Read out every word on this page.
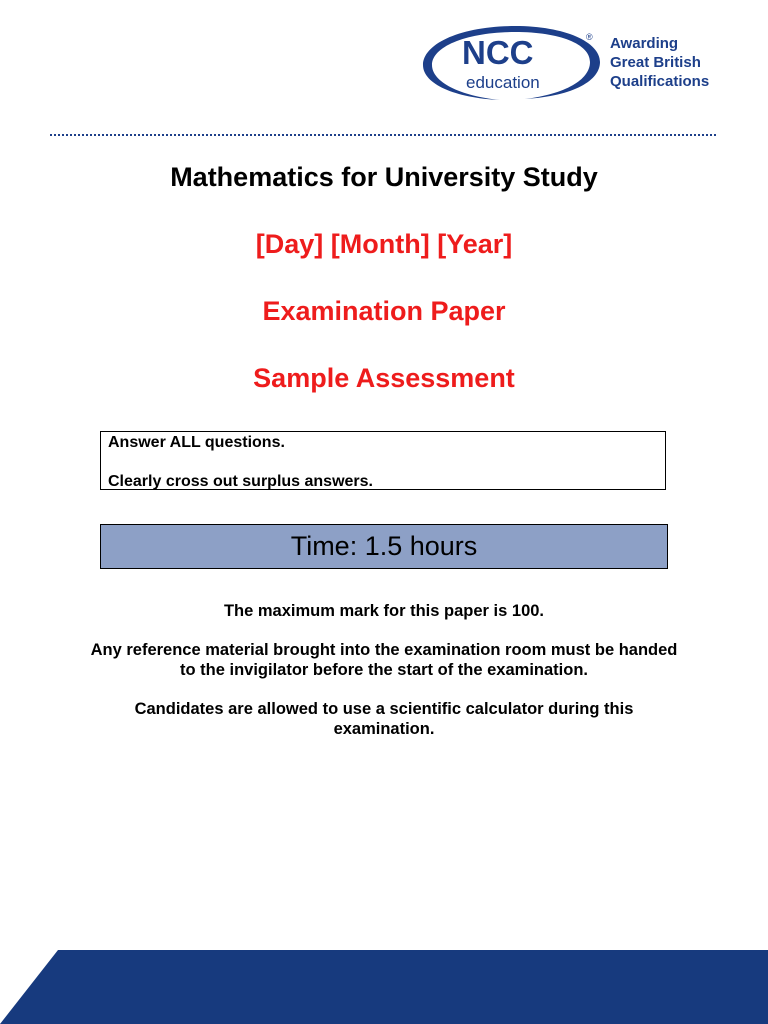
NCC
education
® Awarding
Great British
Qualifications
Mathematics for University Study
[Day] [Month] [Year]
Examination Paper
Sample Assessment
Answer ALL questions.
Clearly cross out surplus answers.
Time: 1.5 hours

The maximum mark for this paper is 100.

Any reference material brought into the examination room must be handed to the invigilator before the start of the examination.

Candidates are allowed to use a scientific calculator during this examination.
